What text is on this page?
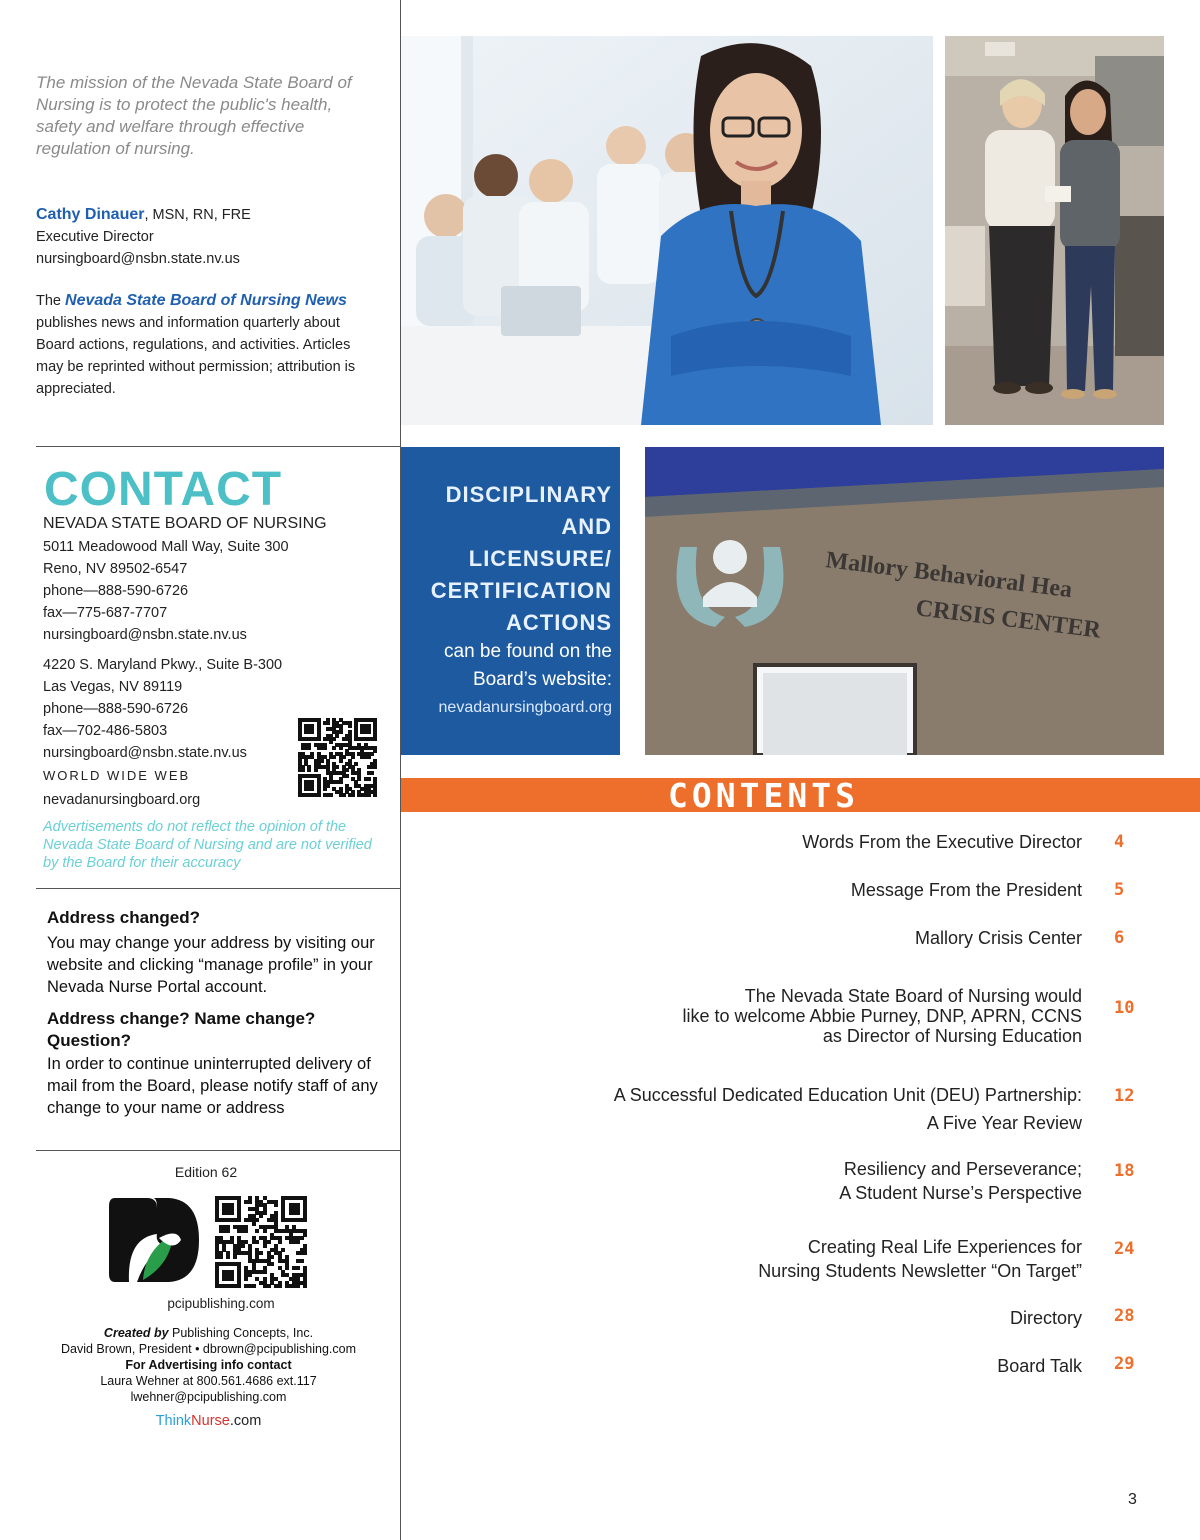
The mission of the Nevada State Board of Nursing is to protect the public's health, safety and welfare through effective regulation of nursing.
Cathy Dinauer, MSN, RN, FRE
Executive Director
nursingboard@nsbn.state.nv.us
The Nevada State Board of Nursing News publishes news and information quarterly about Board actions, regulations, and activities. Articles may be reprinted without permission; attribution is appreciated.
CONTACT
NEVADA STATE BOARD OF NURSING
5011 Meadowood Mall Way, Suite 300
Reno, NV 89502-6547
phone—888-590-6726
fax—775-687-7707
nursingboard@nsbn.state.nv.us
4220 S. Maryland Pkwy., Suite B-300
Las Vegas, NV 89119
phone—888-590-6726
fax—702-486-5803
nursingboard@nsbn.state.nv.us
WORLD WIDE WEB
nevadanursingboard.org
Advertisements do not reflect the opinion of the Nevada State Board of Nursing and are not verified by the Board for their accuracy
Address changed?
You may change your address by visiting our website and clicking “manage profile” in your Nevada Nurse Portal account.
Address change? Name change? Question?
In order to continue uninterrupted delivery of mail from the Board, please notify staff of any change to your name or address
Edition 62
pcipublishing.com
Created by Publishing Concepts, Inc.
David Brown, President • dbrown@pcipublishing.com
For Advertising info contact
Laura Wehner at 800.561.4686 ext.117
lwehner@pcipublishing.com
ThinkNurse.com
DISCIPLINARY
AND
LICENSURE/
CERTIFICATION
ACTIONS
can be found on the
Board’s website:
nevadanursingboard.org
Mallory Behavioral Hea
CRISIS CENTER
CONTENTS
Words From the Executive Director 4
Message From the President 5
Mallory Crisis Center 6
The Nevada State Board of Nursing would
like to welcome Abbie Purney, DNP, APRN, CCNS
as Director of Nursing Education
10
A Successful Dedicated Education Unit (DEU) Partnership:
A Five Year Review
12
Resiliency and Perseverance;
A Student Nurse’s Perspective
18
Creating Real Life Experiences for
Nursing Students Newsletter “On Target”
24
Directory 28
Board Talk 29
3
